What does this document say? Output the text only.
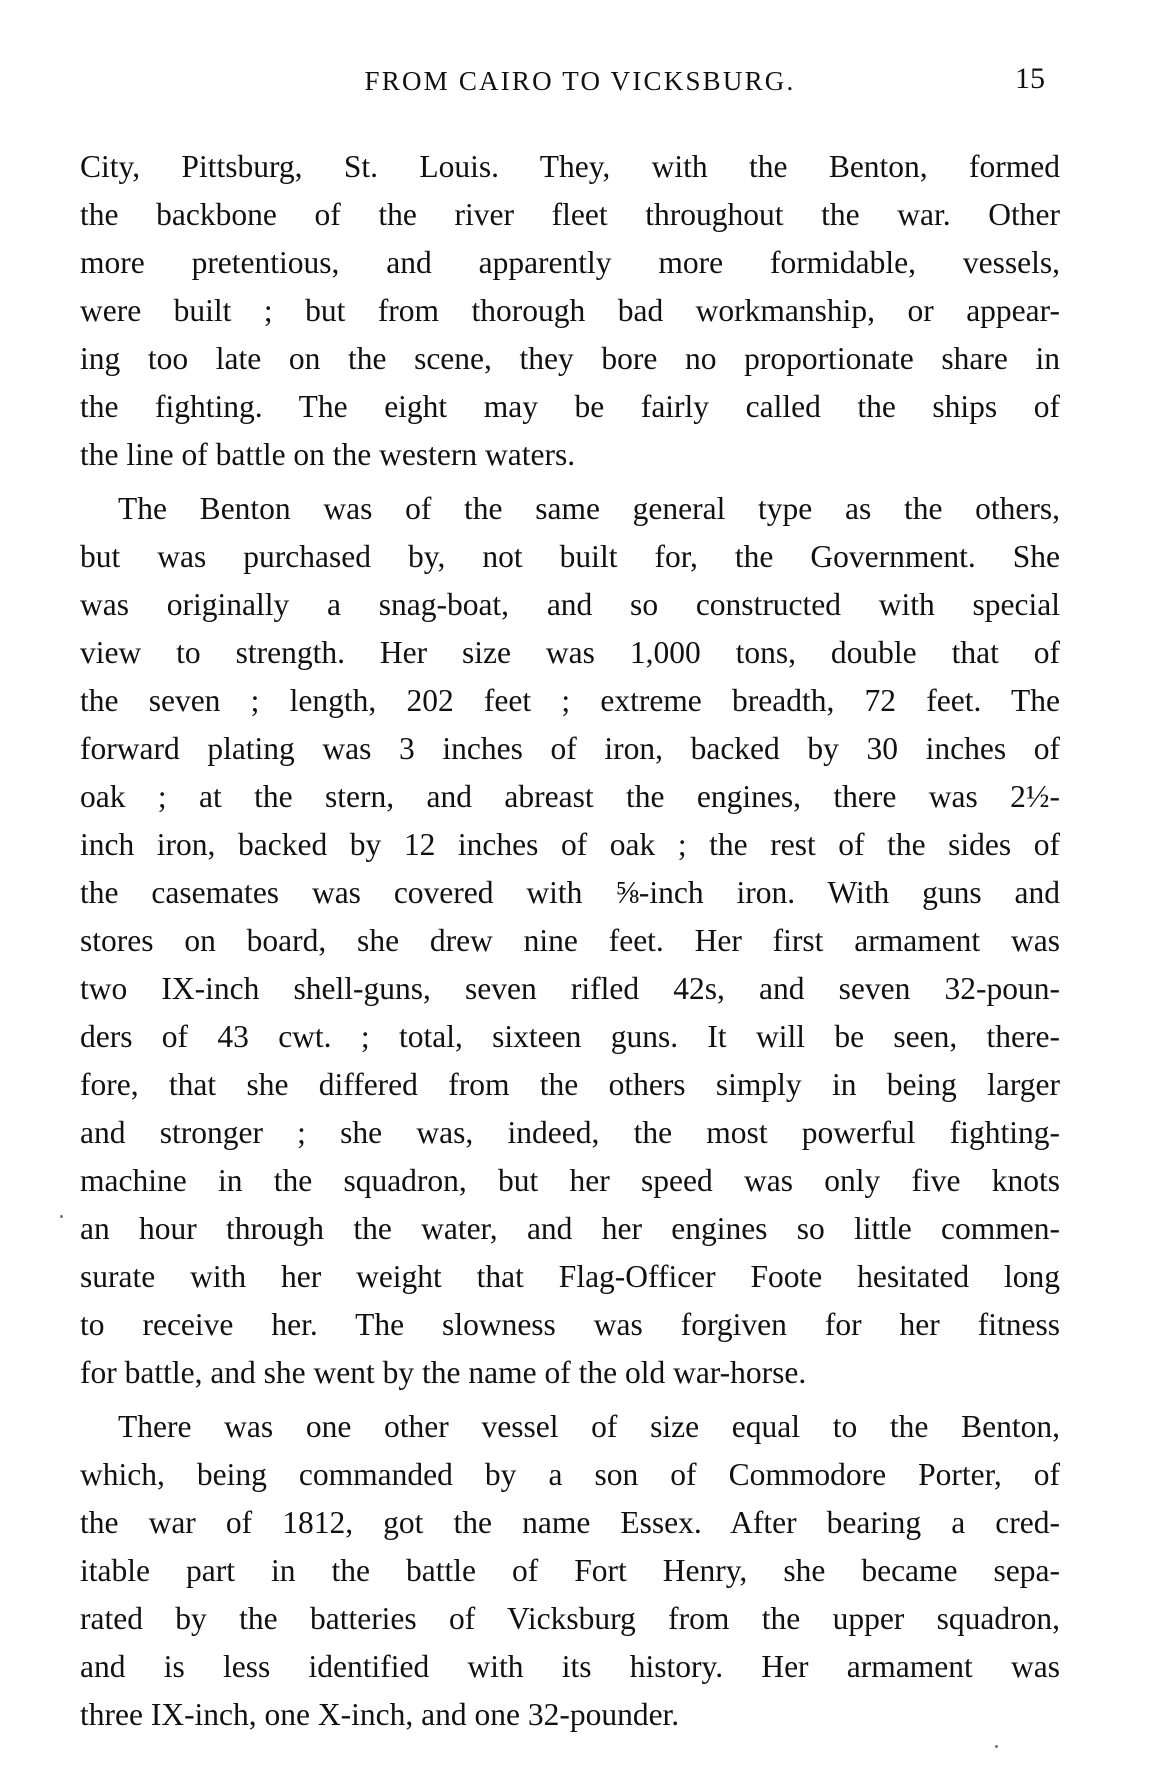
FROM CAIRO TO VICKSBURG.	15
City, Pittsburg, St. Louis. They, with the Benton, formed
the backbone of the river fleet throughout the war. Other
more pretentious, and apparently more formidable, vessels,
were built ; but from thorough bad workmanship, or appear-
ing too late on the scene, they bore no proportionate share in
the fighting. The eight may be fairly called the ships of
the line of battle on the western waters.
The Benton was of the same general type as the others,
but was purchased by, not built for, the Government. She
was originally a snag-boat, and so constructed with special
view to strength. Her size was 1,000 tons, double that of
the seven ; length, 202 feet ; extreme breadth, 72 feet. The
forward plating was 3 inches of iron, backed by 30 inches of
oak ; at the stern, and abreast the engines, there was 2½-
inch iron, backed by 12 inches of oak ; the rest of the sides of
the casemates was covered with ⅝-inch iron. With guns and
stores on board, she drew nine feet. Her first armament was
two IX-inch shell-guns, seven rifled 42s, and seven 32-poun-
ders of 43 cwt. ; total, sixteen guns. It will be seen, there-
fore, that she differed from the others simply in being larger
and stronger ; she was, indeed, the most powerful fighting-
machine in the squadron, but her speed was only five knots
an hour through the water, and her engines so little commen-
surate with her weight that Flag-Officer Foote hesitated long
to receive her. The slowness was forgiven for her fitness
for battle, and she went by the name of the old war-horse.
There was one other vessel of size equal to the Benton,
which, being commanded by a son of Commodore Porter, of
the war of 1812, got the name Essex. After bearing a cred-
itable part in the battle of Fort Henry, she became sepa-
rated by the batteries of Vicksburg from the upper squadron,
and is less identified with its history. Her armament was
three IX-inch, one X-inch, and one 32-pounder.
